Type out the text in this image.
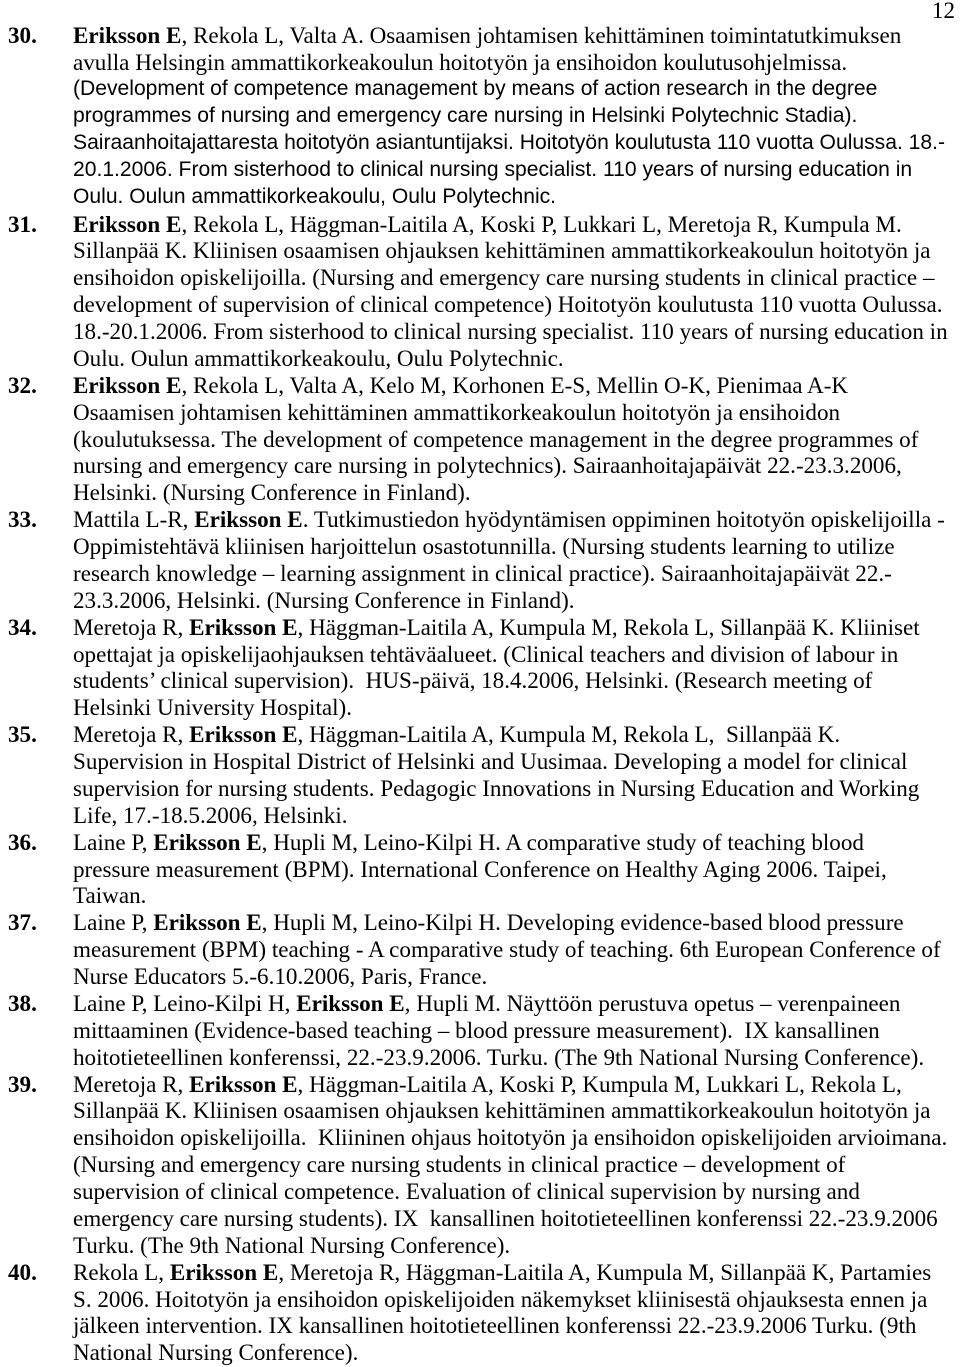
12
30. Eriksson E, Rekola L, Valta A. Osaamisen johtamisen kehittäminen toimintatutkimuksen
avulla Helsingin ammattikorkeakoulun hoitotyön ja ensihoidon koulutusohjelmissa.
(Development of competence management by means of action research in the degree
programmes of nursing and emergency care nursing in Helsinki Polytechnic Stadia).
Sairaanhoitajattaresta hoitotyön asiantuntijaksi. Hoitotyön koulutusta 110 vuotta Oulussa. 18.-
20.1.2006. From sisterhood to clinical nursing specialist. 110 years of nursing education in
Oulu. Oulun ammattikorkeakoulu, Oulu Polytechnic.
31. Eriksson E, Rekola L, Häggman-Laitila A, Koski P, Lukkari L, Meretoja R, Kumpula M.
Sillanpää K. Kliinisen osaamisen ohjauksen kehittäminen ammattikorkeakoulun hoitotyön ja
ensihoidon opiskelijoilla. (Nursing and emergency care nursing students in clinical practice –
development of supervision of clinical competence) Hoitotyön koulutusta 110 vuotta Oulussa.
18.-20.1.2006. From sisterhood to clinical nursing specialist. 110 years of nursing education in
Oulu. Oulun ammattikorkeakoulu, Oulu Polytechnic.
32. Eriksson E, Rekola L, Valta A, Kelo M, Korhonen E-S, Mellin O-K, Pienimaa A-K
Osaamisen johtamisen kehittäminen ammattikorkeakoulun hoitotyön ja ensihoidon
(koulutuksessa. The development of competence management in the degree programmes of
nursing and emergency care nursing in polytechnics). Sairaanhoitajapäivät 22.-23.3.2006,
Helsinki. (Nursing Conference in Finland).
33. Mattila L-R, Eriksson E. Tutkimustiedon hyödyntämisen oppiminen hoitotyön opiskelijoilla -
Oppimistehtävä kliinisen harjoittelun osastotunnilla. (Nursing students learning to utilize
research knowledge – learning assignment in clinical practice). Sairaanhoitajapäivät 22.-
23.3.2006, Helsinki. (Nursing Conference in Finland).
34. Meretoja R, Eriksson E, Häggman-Laitila A, Kumpula M, Rekola L, Sillanpää K. Kliiniset
opettajat ja opiskelijaohjauksen tehtäväalueet. (Clinical teachers and division of labour in
students’ clinical supervision).  HUS-päivä, 18.4.2006, Helsinki. (Research meeting of
Helsinki University Hospital).
35. Meretoja R, Eriksson E, Häggman-Laitila A, Kumpula M, Rekola L,  Sillanpää K.
Supervision in Hospital District of Helsinki and Uusimaa. Developing a model for clinical
supervision for nursing students. Pedagogic Innovations in Nursing Education and Working
Life, 17.-18.5.2006, Helsinki.
36. Laine P, Eriksson E, Hupli M, Leino-Kilpi H. A comparative study of teaching blood
pressure measurement (BPM). International Conference on Healthy Aging 2006. Taipei,
Taiwan.
37. Laine P, Eriksson E, Hupli M, Leino-Kilpi H. Developing evidence-based blood pressure
measurement (BPM) teaching - A comparative study of teaching. 6th European Conference of
Nurse Educators 5.-6.10.2006, Paris, France.
38. Laine P, Leino-Kilpi H, Eriksson E, Hupli M. Näyttöön perustuva opetus – verenpaineen
mittaaminen (Evidence-based teaching – blood pressure measurement).  IX kansallinen
hoitotieteellinen konferenssi, 22.-23.9.2006. Turku. (The 9th National Nursing Conference).
39. Meretoja R, Eriksson E, Häggman-Laitila A, Koski P, Kumpula M, Lukkari L, Rekola L,
Sillanpää K. Kliinisen osaamisen ohjauksen kehittäminen ammattikorkeakoulun hoitotyön ja
ensihoidon opiskelijoilla.  Kliininen ohjaus hoitotyön ja ensihoidon opiskelijoiden arvioimana.
(Nursing and emergency care nursing students in clinical practice – development of
supervision of clinical competence. Evaluation of clinical supervision by nursing and
emergency care nursing students). IX  kansallinen hoitotieteellinen konferenssi 22.-23.9.2006
Turku. (The 9th National Nursing Conference).
40. Rekola L, Eriksson E, Meretoja R, Häggman-Laitila A, Kumpula M, Sillanpää K, Partamies
S. 2006. Hoitotyön ja ensihoidon opiskelijoiden näkemykset kliinisestä ohjauksesta ennen ja
jälkeen intervention. IX kansallinen hoitotieteellinen konferenssi 22.-23.9.2006 Turku. (9th
National Nursing Conference).
